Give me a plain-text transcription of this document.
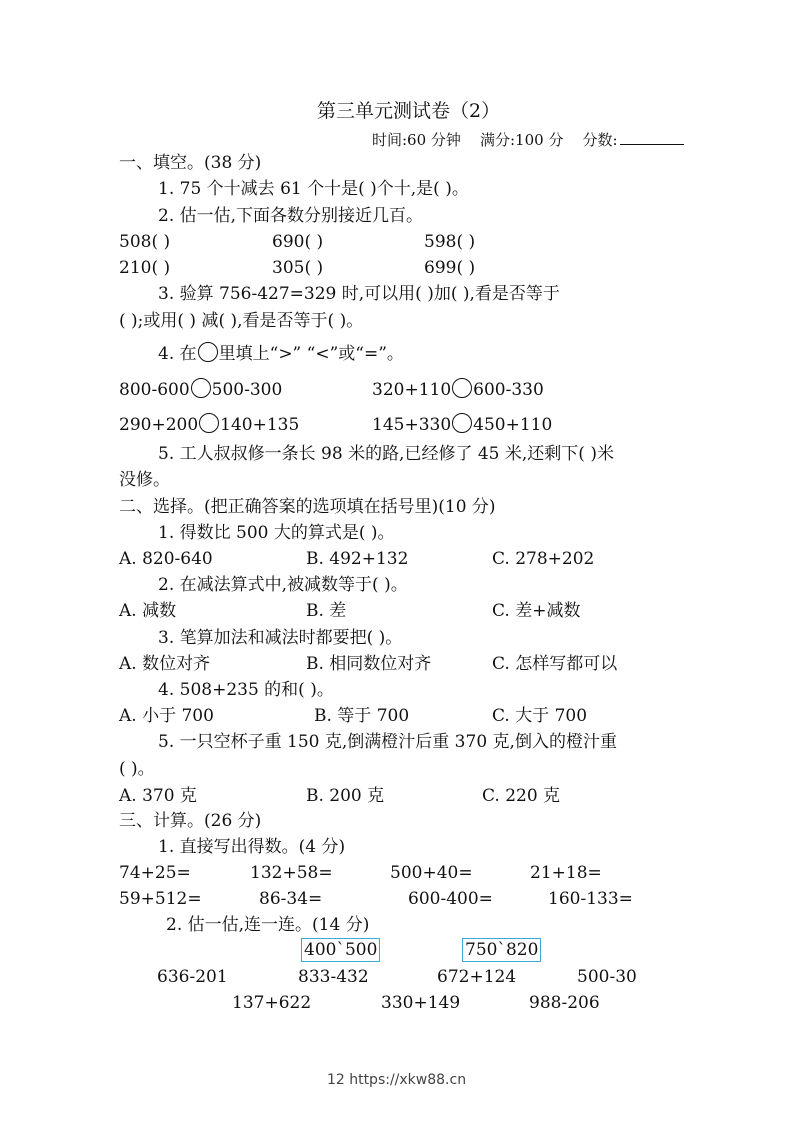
第三单元测试卷（2）
时间:60 分钟 满分:100 分 分数:
一、填空。(38 分)
1. 75 个十减去 61 个十是( )个十,是( )。
2. 估一估,下面各数分别接近几百。
508( )	690( )	598( )
210( )	305( )	699( )
3. 验算 756-427=329 时,可以用( )加( ),看是否等于
( );或用( ) 减( ),看是否等于( )。
4. 在 里填上“>” “<”或“=”。
800-600 500-300	320+110 600-330
290+200 140+135	145+330 450+110
5. 工人叔叔修一条长 98 米的路,已经修了 45 米,还剩下( )米
没修。
二、选择。(把正确答案的选项填在括号里)(10 分)
1. 得数比 500 大的算式是( )。
A. 820-640	B. 492+132	C. 278+202
2. 在减法算式中,被减数等于( )。
A. 减数	B. 差	C. 差+减数
3. 笔算加法和减法时都要把( )。
A. 数位对齐	B. 相同数位对齐	C. 怎样写都可以
4. 508+235 的和( )。
A. 小于 700	B. 等于 700	C. 大于 700
5. 一只空杯子重 150 克,倒满橙汁后重 370 克,倒入的橙汁重
( )。
A. 370 克	B. 200 克	C. 220 克
三、计算。(26 分)
1. 直接写出得数。(4 分)
74+25=	132+58=	500+40=	21+18=
59+512=	86-34=	600-400=	160-133=
2. 估一估,连一连。(14 分)
400ˋ500	750ˋ820
636-201	833-432	672+124	500-30
137+622	330+149	988-206
12 https://xkw88.cn
